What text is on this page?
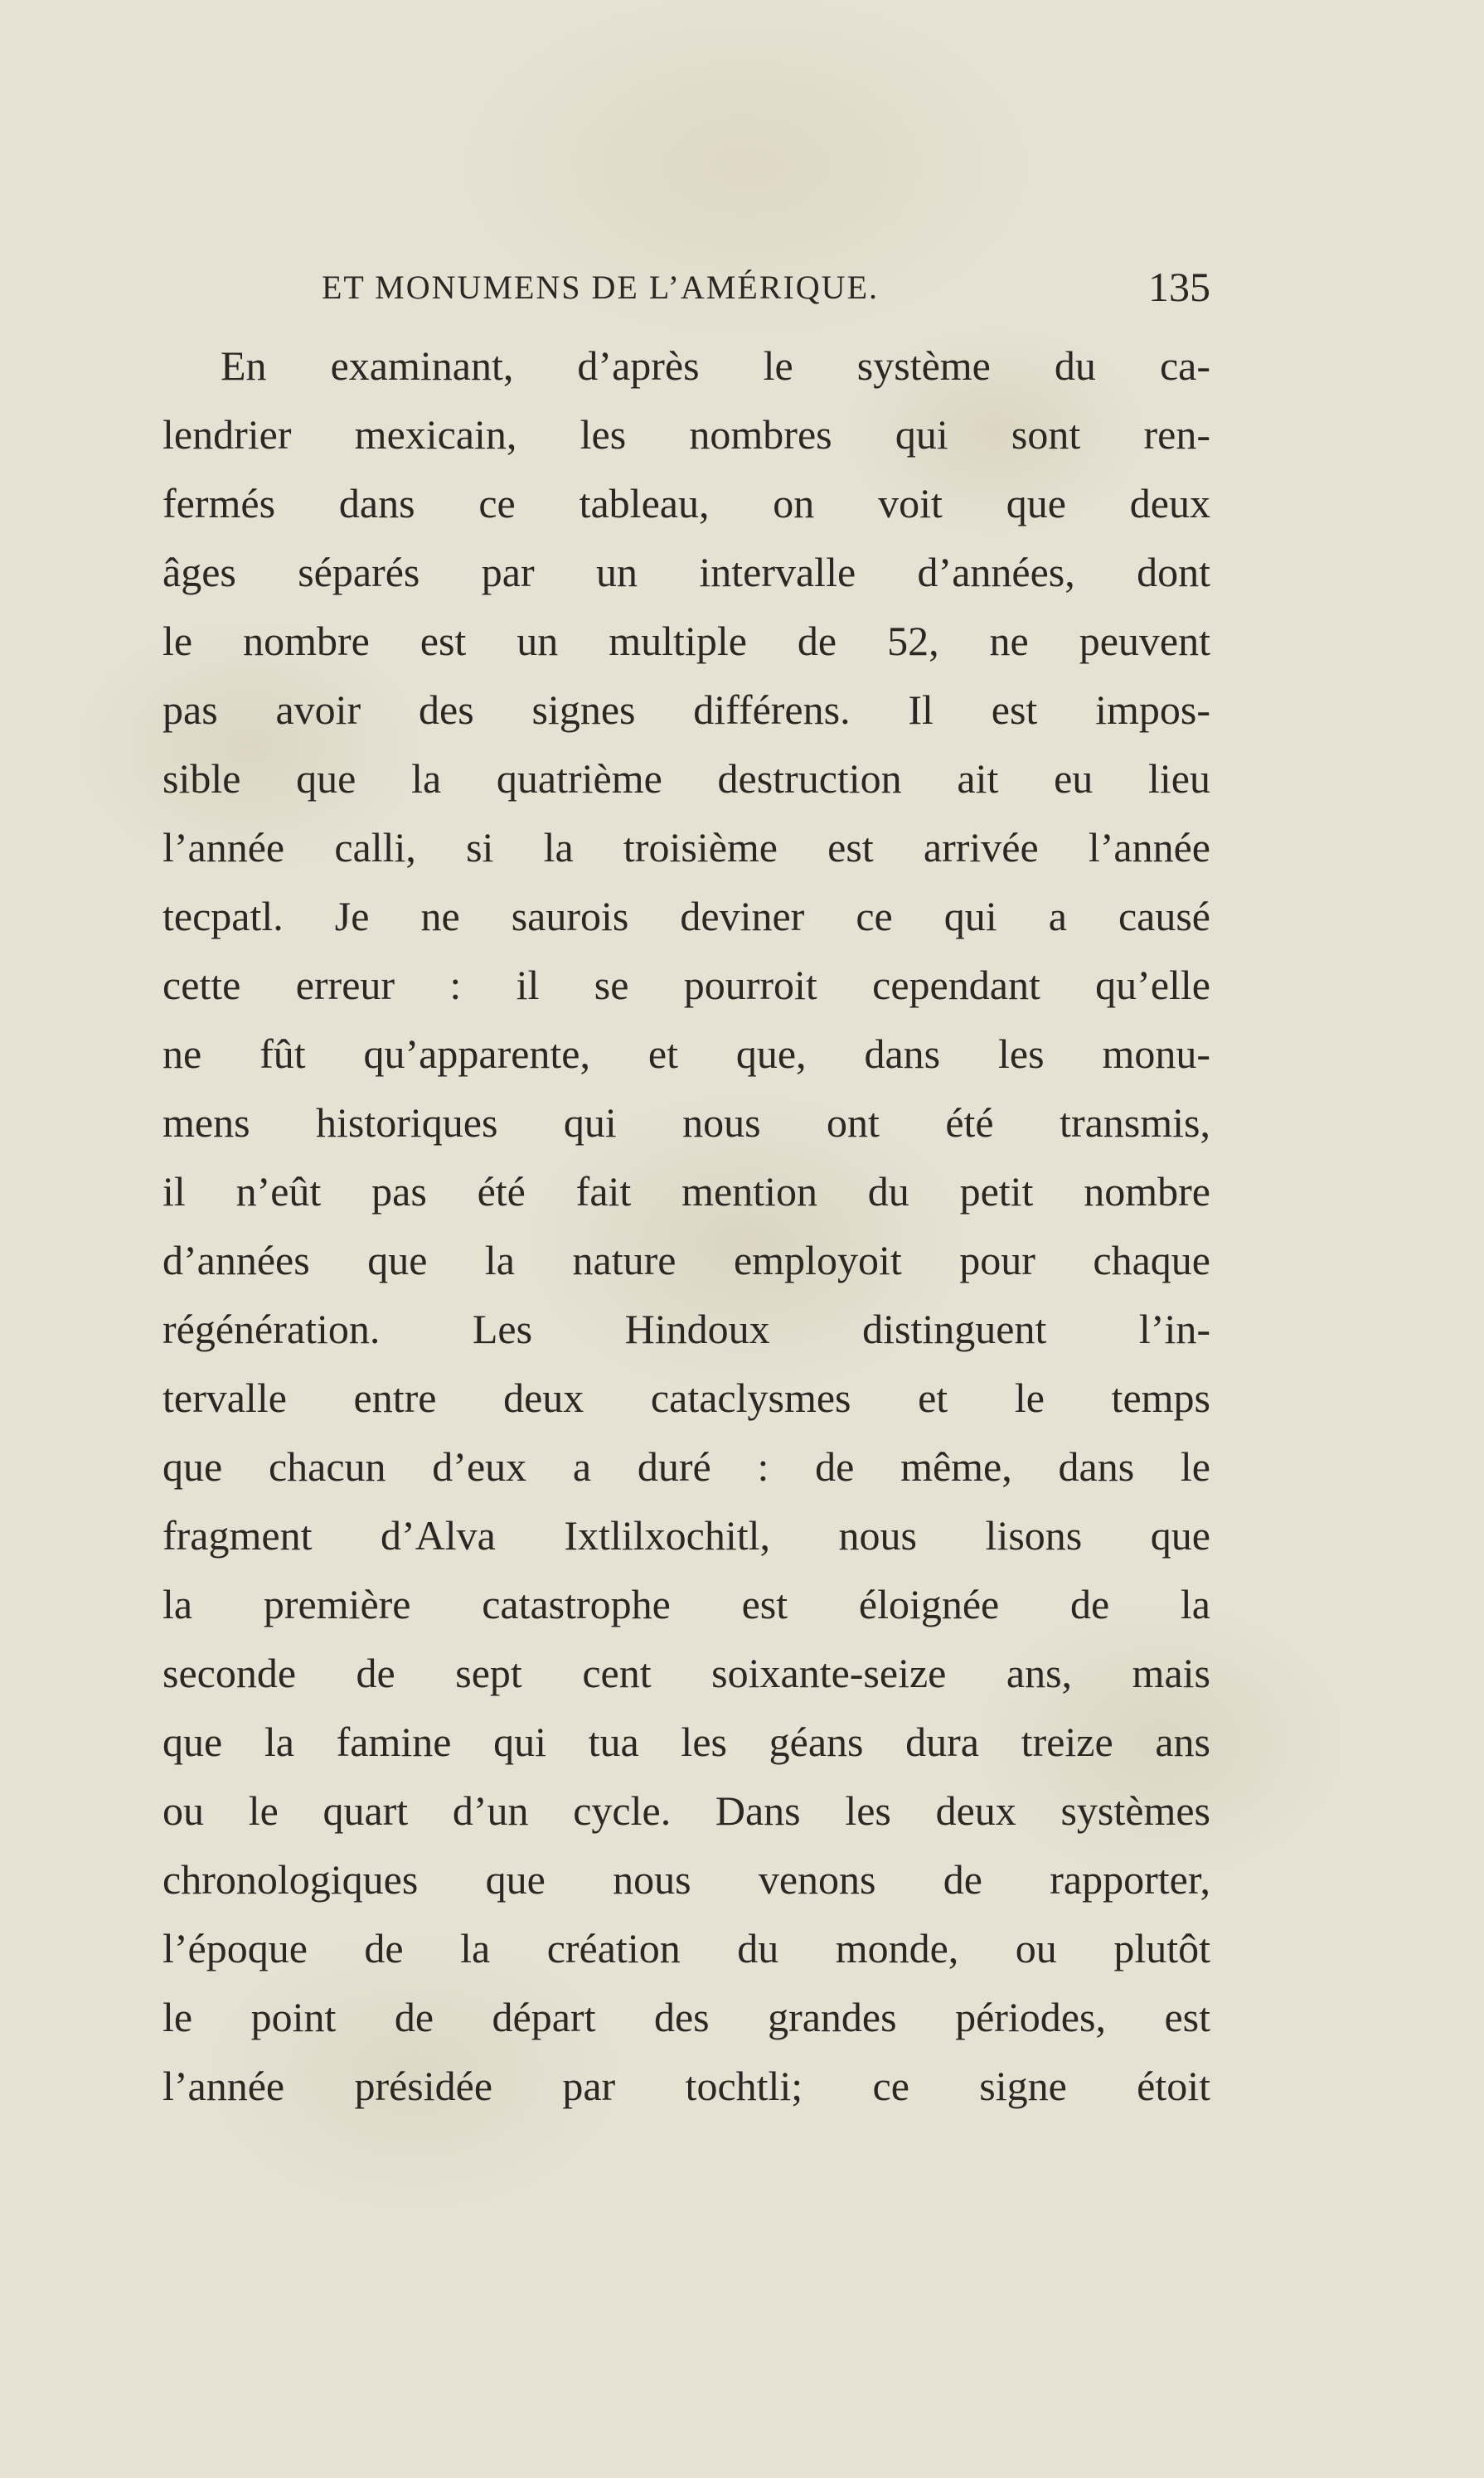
ET MONUMENS DE L’AMÉRIQUE.	135
En examinant, d’après le système du ca-
lendrier mexicain, les nombres qui sont ren-
fermés dans ce tableau, on voit que deux
âges séparés par un intervalle d’années, dont
le nombre est un multiple de 52, ne peuvent
pas avoir des signes différens. Il est impos-
sible que la quatrième destruction ait eu lieu
l’année calli, si la troisième est arrivée l’année
tecpatl. Je ne saurois deviner ce qui a causé
cette erreur : il se pourroit cependant qu’elle
ne fût qu’apparente, et que, dans les monu-
mens historiques qui nous ont été transmis,
il n’eût pas été fait mention du petit nombre
d’années que la nature employoit pour chaque
régénération. Les Hindoux distinguent l’in-
tervalle entre deux cataclysmes et le temps
que chacun d’eux a duré : de même, dans le
fragment d’Alva Ixtlilxochitl, nous lisons que
la première catastrophe est éloignée de la
seconde de sept cent soixante-seize ans, mais
que la famine qui tua les géans dura treize ans
ou le quart d’un cycle. Dans les deux systèmes
chronologiques que nous venons de rapporter,
l’époque de la création du monde, ou plutôt
le point de départ des grandes périodes, est
l’année présidée par tochtli; ce signe étoit
